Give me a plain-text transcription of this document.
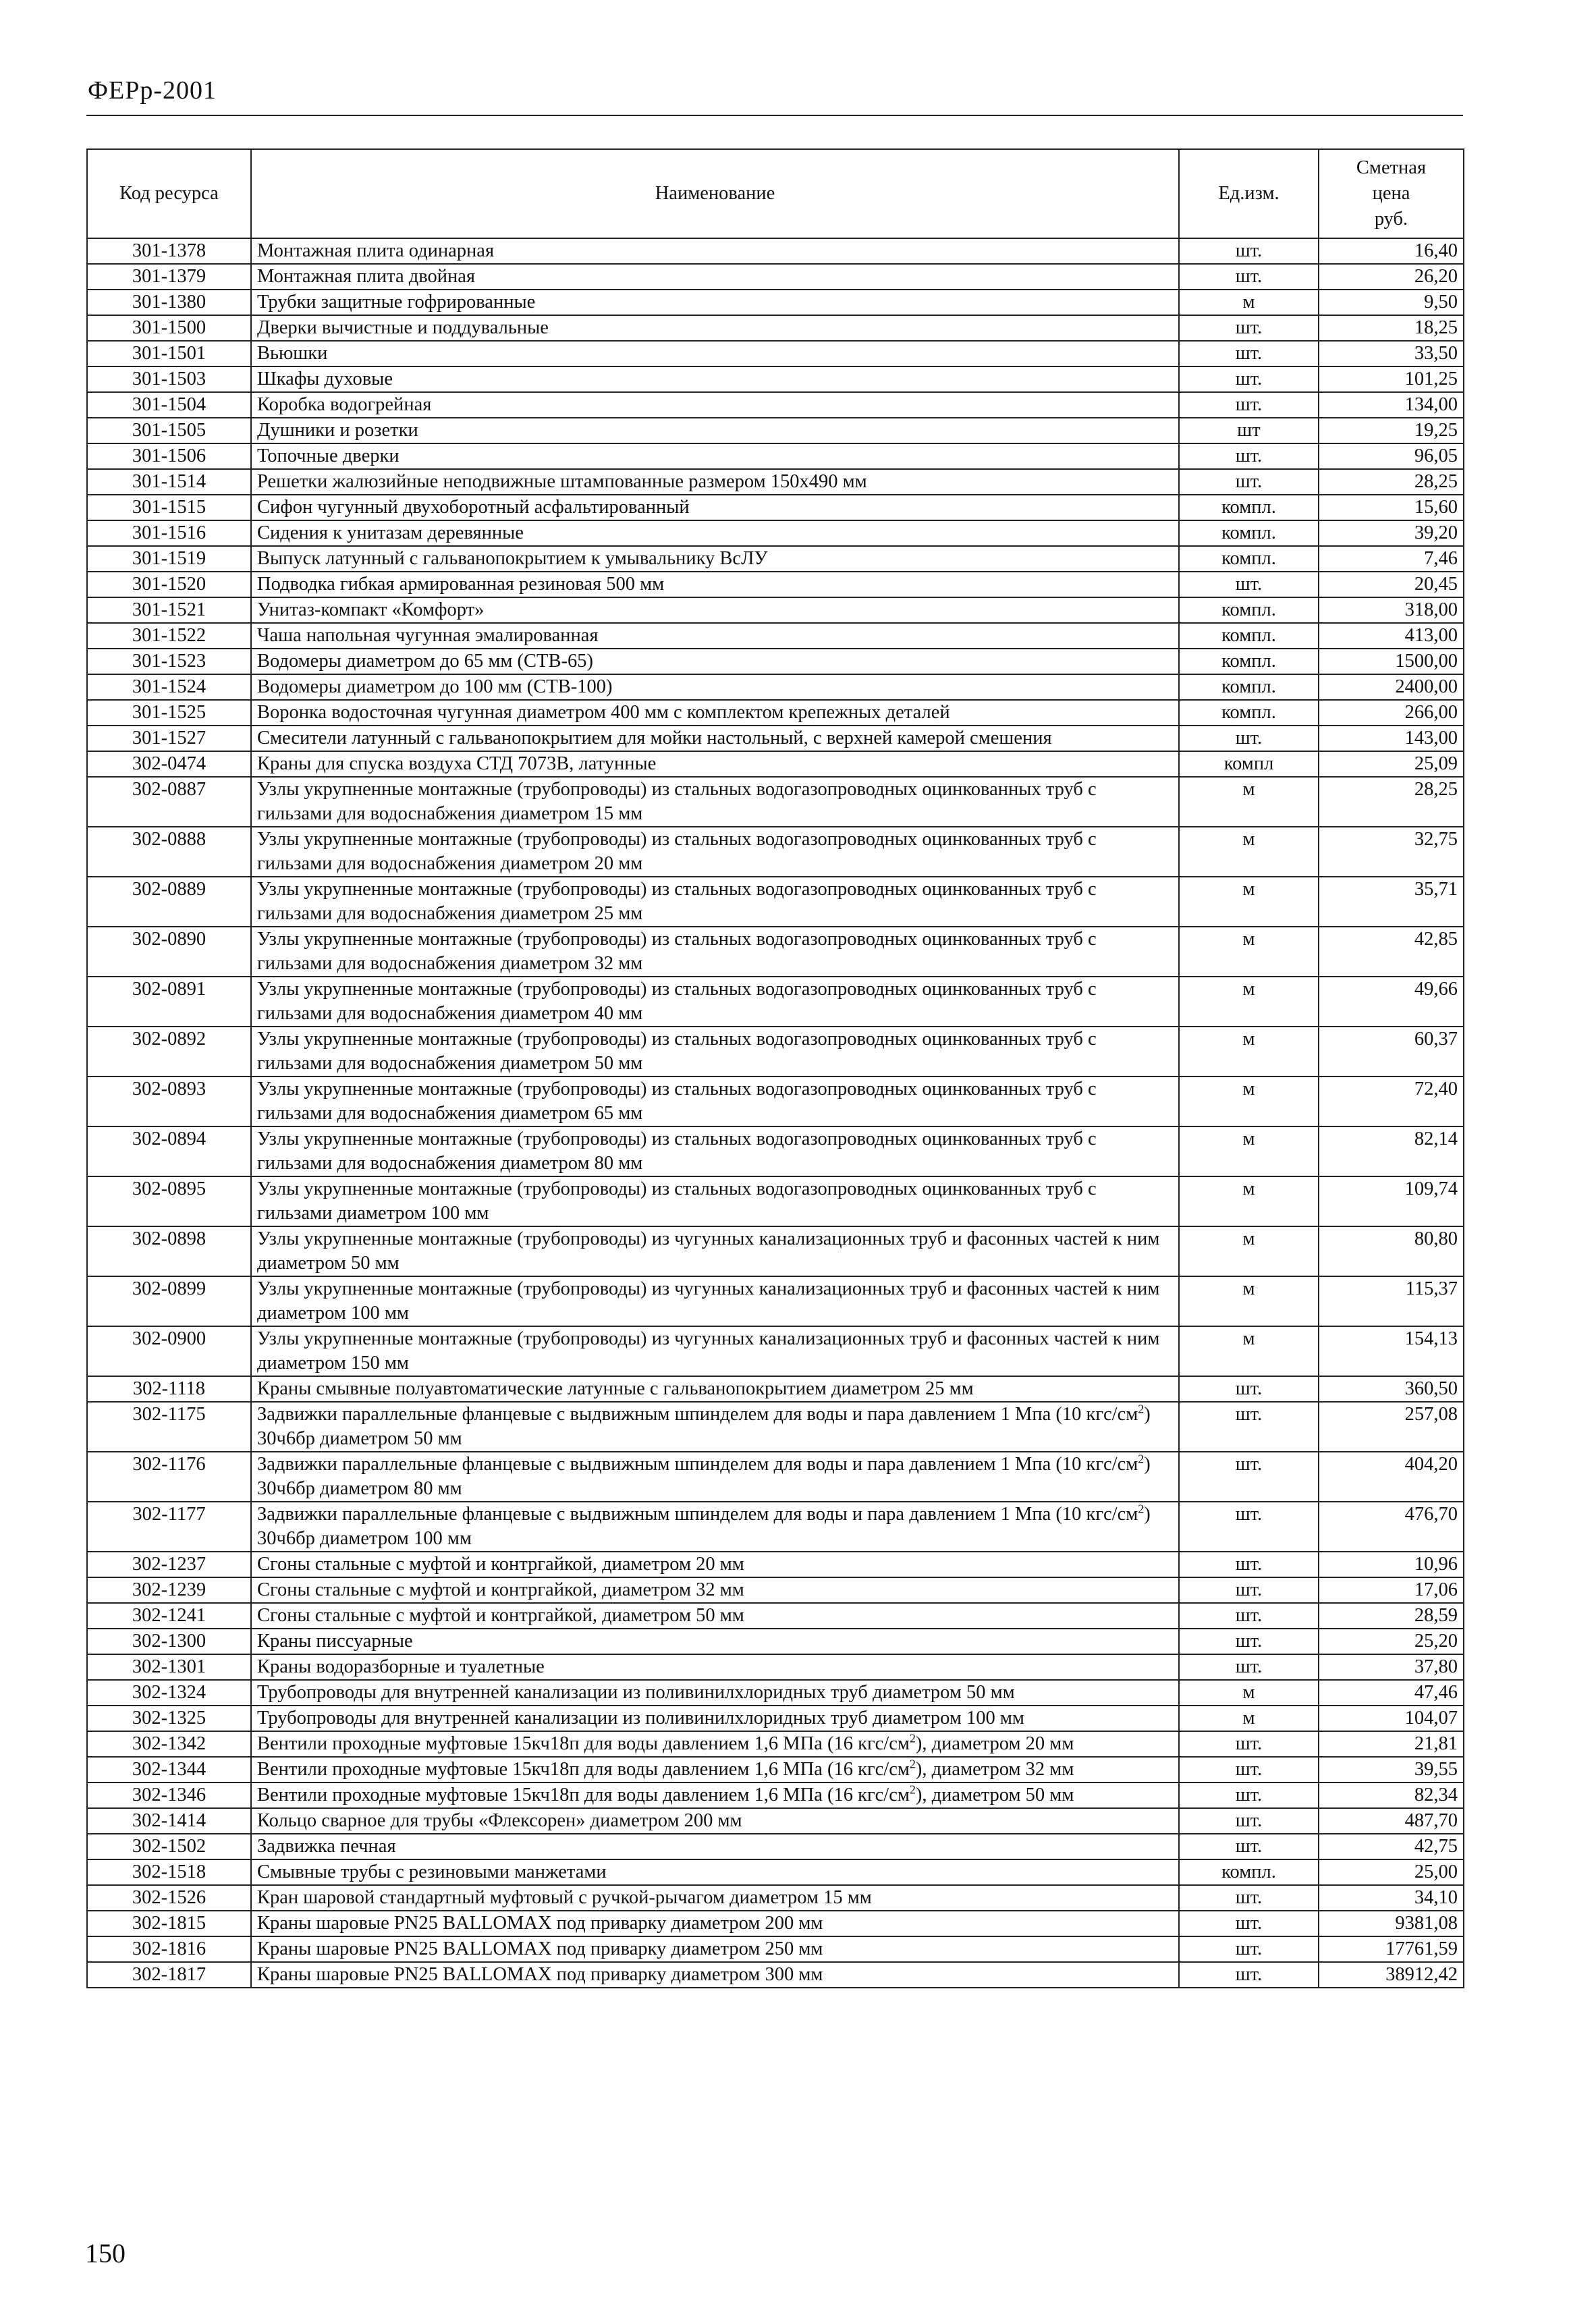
ФЕРр-2001
Код ресурса	Наименование	Ед.изм.	Сметная
цена
руб.
301-1378	Монтажная плита одинарная	шт.	16,40
301-1379	Монтажная плита двойная	шт.	26,20
301-1380	Трубки защитные гофрированные	м	9,50
301-1500	Дверки вычистные и поддувальные	шт.	18,25
301-1501	Вьюшки	шт.	33,50
301-1503	Шкафы духовые	шт.	101,25
301-1504	Коробка водогрейная	шт.	134,00
301-1505	Душники и розетки	шт	19,25
301-1506	Топочные дверки	шт.	96,05
301-1514	Решетки жалюзийные неподвижные штампованные размером 150х490 мм	шт.	28,25
301-1515	Сифон чугунный двухоборотный асфальтированный	компл.	15,60
301-1516	Сидения к унитазам деревянные	компл.	39,20
301-1519	Выпуск латунный с гальванопокрытием к умывальнику ВсЛУ	компл.	7,46
301-1520	Подводка гибкая армированная резиновая 500 мм	шт.	20,45
301-1521	Унитаз-компакт «Комфорт»	компл.	318,00
301-1522	Чаша напольная чугунная эмалированная	компл.	413,00
301-1523	Водомеры диаметром до 65 мм (СТВ-65)	компл.	1500,00
301-1524	Водомеры диаметром до 100 мм (СТВ-100)	компл.	2400,00
301-1525	Воронка водосточная чугунная диаметром 400 мм с комплектом крепежных деталей	компл.	266,00
301-1527	Смесители латунный с гальванопокрытием для мойки настольный, с верхней камерой смешения	шт.	143,00
302-0474	Краны для спуска воздуха СТД 7073В, латунные	компл	25,09
302-0887	Узлы укрупненные монтажные (трубопроводы) из стальных водогазопроводных оцинкованных труб с гильзами для водоснабжения диаметром 15 мм	м	28,25
302-0888	Узлы укрупненные монтажные (трубопроводы) из стальных водогазопроводных оцинкованных труб с гильзами для водоснабжения диаметром 20 мм	м	32,75
302-0889	Узлы укрупненные монтажные (трубопроводы) из стальных водогазопроводных оцинкованных труб с гильзами для водоснабжения диаметром 25 мм	м	35,71
302-0890	Узлы укрупненные монтажные (трубопроводы) из стальных водогазопроводных оцинкованных труб с гильзами для водоснабжения диаметром 32 мм	м	42,85
302-0891	Узлы укрупненные монтажные (трубопроводы) из стальных водогазопроводных оцинкованных труб с гильзами для водоснабжения диаметром 40 мм	м	49,66
302-0892	Узлы укрупненные монтажные (трубопроводы) из стальных водогазопроводных оцинкованных труб с гильзами для водоснабжения диаметром 50 мм	м	60,37
302-0893	Узлы укрупненные монтажные (трубопроводы) из стальных водогазопроводных оцинкованных труб с гильзами для водоснабжения диаметром 65 мм	м	72,40
302-0894	Узлы укрупненные монтажные (трубопроводы) из стальных водогазопроводных оцинкованных труб с гильзами для водоснабжения диаметром 80 мм	м	82,14
302-0895	Узлы укрупненные монтажные (трубопроводы) из стальных водогазопроводных оцинкованных труб с гильзами диаметром 100 мм	м	109,74
302-0898	Узлы укрупненные монтажные (трубопроводы) из чугунных канализационных труб и фасонных частей к ним диаметром 50 мм	м	80,80
302-0899	Узлы укрупненные монтажные (трубопроводы) из чугунных канализационных труб и фасонных частей к ним диаметром 100 мм	м	115,37
302-0900	Узлы укрупненные монтажные (трубопроводы) из чугунных канализационных труб и фасонных частей к ним диаметром 150 мм	м	154,13
302-1118	Краны смывные полуавтоматические латунные с гальванопокрытием диаметром 25 мм	шт.	360,50
302-1175	Задвижки параллельные фланцевые с выдвижным шпинделем для воды и пара давлением 1 Мпа (10 кгс/$см^2$) 30ч6бр диаметром 50 мм	шт.	257,08
302-1176	Задвижки параллельные фланцевые с выдвижным шпинделем для воды и пара давлением 1 Мпа (10 кгс/$см^2$) 30ч6бр диаметром 80 мм	шт.	404,20
302-1177	Задвижки параллельные фланцевые с выдвижным шпинделем для воды и пара давлением 1 Мпа (10 кгс/$см^2$) 30ч6бр диаметром 100 мм	шт.	476,70
302-1237	Сгоны стальные с муфтой и контргайкой, диаметром 20 мм	шт.	10,96
302-1239	Сгоны стальные с муфтой и контргайкой, диаметром 32 мм	шт.	17,06
302-1241	Сгоны стальные с муфтой и контргайкой, диаметром 50 мм	шт.	28,59
302-1300	Краны писсуарные	шт.	25,20
302-1301	Краны водоразборные и туалетные	шт.	37,80
302-1324	Трубопроводы для внутренней канализации из поливинилхлоридных труб диаметром 50 мм	м	47,46
302-1325	Трубопроводы для внутренней канализации из поливинилхлоридных труб диаметром 100 мм	м	104,07
302-1342	Вентили проходные муфтовые 15кч18п для воды давлением 1,6 МПа (16 кгс/$см^2$), диаметром 20 мм	шт.	21,81
302-1344	Вентили проходные муфтовые 15кч18п для воды давлением 1,6 МПа (16 кгс/$см^2$), диаметром 32 мм	шт.	39,55
302-1346	Вентили проходные муфтовые 15кч18п для воды давлением 1,6 МПа (16 кгс/$см^2$), диаметром 50 мм	шт.	82,34
302-1414	Кольцо сварное для трубы «Флексорен» диаметром 200 мм	шт.	487,70
302-1502	Задвижка печная	шт.	42,75
302-1518	Смывные трубы с резиновыми манжетами	компл.	25,00
302-1526	Кран шаровой стандартный муфтовый с ручкой-рычагом диаметром 15 мм	шт.	34,10
302-1815	Краны шаровые PN25 BALLOMAX под приварку диаметром 200 мм	шт.	9381,08
302-1816	Краны шаровые PN25 BALLOMAX под приварку диаметром 250 мм	шт.	17761,59
302-1817	Краны шаровые PN25 BALLOMAX под приварку диаметром 300 мм	шт.	38912,42
150
